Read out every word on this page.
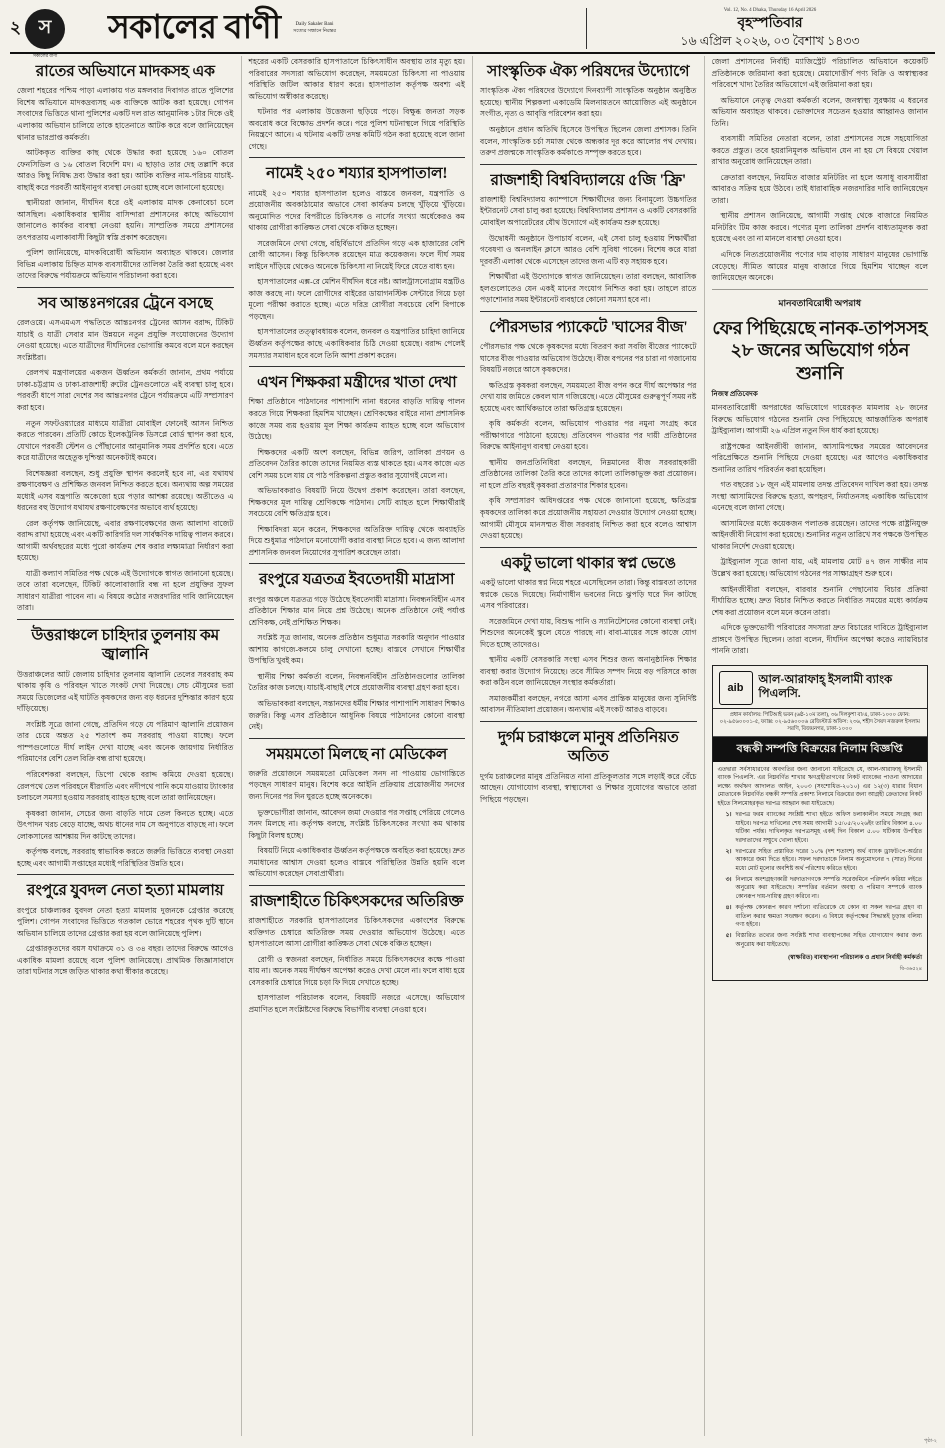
২ স
সকালের বাণী
সকালের বাণী	Daily Sakaler Bani
সত্যের সন্ধানে নিরন্তর
Vol. 12, No. 4 Dhaka, Thursday 16 April 2026
বৃহস্পতিবার
১৬ এপ্রিল ২০২৬, ০৩ বৈশাখ ১৪৩৩
রাতের অভিযানে মাদকসহ এক

জেলা শহরের পশ্চিম পাড়া এলাকায় গত মঙ্গলবার দিবাগত রাতে পুলিশের বিশেষ অভিযানে মাদকদ্রব্যসহ এক ব্যক্তিকে আটক করা হয়েছে। গোপন সংবাদের ভিত্তিতে থানা পুলিশের একটি দল রাত আনুমানিক ১টার দিকে ওই এলাকায় অভিযান চালিয়ে তাকে হাতেনাতে আটক করে বলে জানিয়েছেন থানার ভারপ্রাপ্ত কর্মকর্তা।

আটককৃত ব্যক্তির কাছ থেকে উদ্ধার করা হয়েছে ১৬০ বোতল ফেনসিডিল ও ১৬ বোতল বিদেশি মদ। এ ছাড়াও তার দেহ তল্লাশি করে আরও কিছু নিষিদ্ধ দ্রব্য উদ্ধার করা হয়। আটক ব্যক্তির নাম-পরিচয় যাচাই-বাছাই করে পরবর্তী আইনানুগ ব্যবস্থা নেওয়া হচ্ছে বলে জানানো হয়েছে।

স্থানীয়রা জানান, দীর্ঘদিন ধরে ওই এলাকায় মাদক কেনাবেচা চলে আসছিল। একাধিকবার স্থানীয় বাসিন্দারা প্রশাসনের কাছে অভিযোগ জানালেও কার্যকর ব্যবস্থা নেওয়া হয়নি। সাম্প্রতিক সময়ে প্রশাসনের তৎপরতায় এলাকাবাসী কিছুটা স্বস্তি প্রকাশ করেছেন।

পুলিশ জানিয়েছে, মাদকবিরোধী অভিযান অব্যাহত থাকবে। জেলার বিভিন্ন এলাকায় চিহ্নিত মাদক ব্যবসায়ীদের তালিকা তৈরি করা হয়েছে এবং তাদের বিরুদ্ধে পর্যায়ক্রমে অভিযান পরিচালনা করা হবে।

সব আন্তঃনগরের ট্রেনে বসছে

রেলওয়ে। এসএমএস পদ্ধতিতে আন্তঃনগর ট্রেনের আসন বরাদ্দ, টিকিট যাচাই ও যাত্রী সেবার মান উন্নয়নে নতুন প্রযুক্তি সংযোজনের উদ্যোগ নেওয়া হয়েছে। এতে যাত্রীদের দীর্ঘদিনের ভোগান্তি কমবে বলে মনে করছেন সংশ্লিষ্টরা।

রেলপথ মন্ত্রণালয়ের একজন ঊর্ধ্বতন কর্মকর্তা জানান, প্রথম পর্যায়ে ঢাকা-চট্টগ্রাম ও ঢাকা-রাজশাহী রুটের ট্রেনগুলোতে এই ব্যবস্থা চালু হবে। পরবর্তী ধাপে সারা দেশের সব আন্তঃনগর ট্রেনে পর্যায়ক্রমে এটি সম্প্রসারণ করা হবে।

নতুন সফটওয়্যারের মাধ্যমে যাত্রীরা মোবাইল ফোনেই আসন নিশ্চিত করতে পারবেন। প্রতিটি কোচে ইলেকট্রনিক ডিসপ্লে বোর্ড স্থাপন করা হবে, যেখানে পরবর্তী স্টেশন ও পৌঁছানোর আনুমানিক সময় প্রদর্শিত হবে। এতে করে যাত্রীদের অহেতুক দুশ্চিন্তা অনেকটাই কমবে।

বিশেষজ্ঞরা বলছেন, শুধু প্রযুক্তি স্থাপন করলেই হবে না, এর যথাযথ রক্ষণাবেক্ষণ ও প্রশিক্ষিত জনবল নিশ্চিত করতে হবে। অন্যথায় অল্প সময়ের মধ্যেই এসব যন্ত্রপাতি অকেজো হয়ে পড়ার আশঙ্কা রয়েছে। অতীতেও এ ধরনের বহু উদ্যোগ যথাযথ রক্ষণাবেক্ষণের অভাবে ব্যর্থ হয়েছে।

রেল কর্তৃপক্ষ জানিয়েছে, এবার রক্ষণাবেক্ষণের জন্য আলাদা বাজেট বরাদ্দ রাখা হয়েছে এবং একটি কারিগরি দল সার্বক্ষণিক দায়িত্ব পালন করবে। আগামী অর্থবছরের মধ্যে পুরো কার্যক্রম শেষ করার লক্ষ্যমাত্রা নির্ধারণ করা হয়েছে।

যাত্রী কল্যাণ সমিতির পক্ষ থেকে এই উদ্যোগকে স্বাগত জানানো হয়েছে। তবে তারা বলেছেন, টিকিট কালোবাজারি বন্ধ না হলে প্রযুক্তির সুফল সাধারণ যাত্রীরা পাবেন না। এ বিষয়ে কঠোর নজরদারির দাবি জানিয়েছেন তারা।

উত্তরাঞ্চলে চাহিদার তুলনায় কম জ্বালানি

উত্তরাঞ্চলের আট জেলায় চাহিদার তুলনায় জ্বালানি তেলের সরবরাহ কম থাকায় কৃষি ও পরিবহন খাতে সংকট দেখা দিয়েছে। সেচ মৌসুমের ভরা সময়ে ডিজেলের এই ঘাটতি কৃষকদের জন্য বড় ধরনের দুশ্চিন্তার কারণ হয়ে দাঁড়িয়েছে।

সংশ্লিষ্ট সূত্রে জানা গেছে, প্রতিদিন গড়ে যে পরিমাণ জ্বালানি প্রয়োজন তার চেয়ে অন্তত ২৫ শতাংশ কম সরবরাহ পাওয়া যাচ্ছে। ফলে পাম্পগুলোতে দীর্ঘ লাইন দেখা যাচ্ছে এবং অনেক জায়গায় নির্ধারিত পরিমাণের বেশি তেল বিক্রি বন্ধ রাখা হয়েছে।

পরিবেশকরা বলছেন, ডিপো থেকে বরাদ্দ কমিয়ে দেওয়া হয়েছে। রেলপথে তেল পরিবহনে ধীরগতি এবং নদীপথে পানি কমে যাওয়ায় ট্যাংকার চলাচলে সমস্যা হওয়ায় সরবরাহ ব্যাহত হচ্ছে বলে তারা জানিয়েছেন।

কৃষকরা জানান, সেচের জন্য বাড়তি দামে তেল কিনতে হচ্ছে। এতে উৎপাদন খরচ বেড়ে যাচ্ছে, অথচ ধানের দাম সে অনুপাতে বাড়ছে না। ফলে লোকসানের আশঙ্কায় দিন কাটছে তাদের।

কর্তৃপক্ষ বলছে, সরবরাহ স্বাভাবিক করতে জরুরি ভিত্তিতে ব্যবস্থা নেওয়া হচ্ছে এবং আগামী সপ্তাহের মধ্যেই পরিস্থিতির উন্নতি হবে।

রংপুরে যুবদল নেতা হত্যা মামলায়

রংপুরে চাঞ্চল্যকর যুবদল নেতা হত্যা মামলায় দুজনকে গ্রেপ্তার করেছে পুলিশ। গোপন সংবাদের ভিত্তিতে গতকাল ভোরে শহরের পৃথক দুটি স্থানে অভিযান চালিয়ে তাদের গ্রেপ্তার করা হয় বলে জানিয়েছে পুলিশ।

গ্রেপ্তারকৃতদের বয়স যথাক্রমে ৩১ ও ৩৪ বছর। তাদের বিরুদ্ধে আগেও একাধিক মামলা রয়েছে বলে পুলিশ জানিয়েছে। প্রাথমিক জিজ্ঞাসাবাদে তারা ঘটনার সঙ্গে জড়িত থাকার কথা স্বীকার করেছে।

শহরের একটি বেসরকারি হাসপাতালে চিকিৎসাধীন অবস্থায় তার মৃত্যু হয়। পরিবারের সদস্যরা অভিযোগ করেছেন, সময়মতো চিকিৎসা না পাওয়ায় পরিস্থিতি জটিল আকার ধারণ করে। হাসপাতাল কর্তৃপক্ষ অবশ্য এই অভিযোগ অস্বীকার করেছে।

ঘটনার পর এলাকায় উত্তেজনা ছড়িয়ে পড়ে। বিক্ষুব্ধ জনতা সড়ক অবরোধ করে বিক্ষোভ প্রদর্শন করে। পরে পুলিশ ঘটনাস্থলে গিয়ে পরিস্থিতি নিয়ন্ত্রণে আনে। এ ঘটনায় একটি তদন্ত কমিটি গঠন করা হয়েছে বলে জানা গেছে।

নামেই ২৫০ শয্যার হাসপাতাল!

নামেই ২৫০ শয্যার হাসপাতাল হলেও বাস্তবে জনবল, যন্ত্রপাতি ও প্রয়োজনীয় অবকাঠামোর অভাবে সেবা কার্যক্রম চলছে খুঁড়িয়ে খুঁড়িয়ে। অনুমোদিত পদের বিপরীতে চিকিৎসক ও নার্সের সংখ্যা অর্ধেকেরও কম থাকায় রোগীরা কাঙ্ক্ষিত সেবা থেকে বঞ্চিত হচ্ছেন।

সরেজমিনে দেখা গেছে, বহির্বিভাগে প্রতিদিন গড়ে এক হাজারের বেশি রোগী আসেন। কিন্তু চিকিৎসক রয়েছেন মাত্র কয়েকজন। ফলে দীর্ঘ সময় লাইনে দাঁড়িয়ে থেকেও অনেকে চিকিৎসা না নিয়েই ফিরে যেতে বাধ্য হন।

হাসপাতালের এক্স-রে মেশিন দীর্ঘদিন ধরে নষ্ট। আলট্রাসনোগ্রাম যন্ত্রটিও কাজ করছে না। ফলে রোগীদের বাইরের ডায়াগনস্টিক সেন্টারে গিয়ে চড়া মূল্যে পরীক্ষা করাতে হচ্ছে। এতে দরিদ্র রোগীরা সবচেয়ে বেশি বিপাকে পড়ছেন।

হাসপাতালের তত্ত্বাবধায়ক বলেন, জনবল ও যন্ত্রপাতির চাহিদা জানিয়ে ঊর্ধ্বতন কর্তৃপক্ষের কাছে একাধিকবার চিঠি দেওয়া হয়েছে। বরাদ্দ পেলেই সমস্যার সমাধান হবে বলে তিনি আশা প্রকাশ করেন।

এখন শিক্ষকরা মন্ত্রীদের খাতা দেখা

শিক্ষা প্রতিষ্ঠানে পাঠদানের পাশাপাশি নানা ধরনের বাড়তি দায়িত্ব পালন করতে গিয়ে শিক্ষকরা হিমশিম খাচ্ছেন। শ্রেণিকক্ষের বাইরে নানা প্রশাসনিক কাজে সময় ব্যয় হওয়ায় মূল শিক্ষা কার্যক্রম ব্যাহত হচ্ছে বলে অভিযোগ উঠেছে।

শিক্ষকদের একটি অংশ বলছেন, বিভিন্ন জরিপ, তালিকা প্রণয়ন ও প্রতিবেদন তৈরির কাজে তাদের নিয়মিত ব্যস্ত থাকতে হয়। এসব কাজে এত বেশি সময় চলে যায় যে পাঠ পরিকল্পনা প্রস্তুত করার সুযোগই মেলে না।

অভিভাবকরাও বিষয়টি নিয়ে উদ্বেগ প্রকাশ করেছেন। তারা বলছেন, শিক্ষকদের মূল দায়িত্ব শ্রেণিকক্ষে পাঠদান। সেটি ব্যাহত হলে শিক্ষার্থীরাই সবচেয়ে বেশি ক্ষতিগ্রস্ত হবে।

শিক্ষাবিদরা মনে করেন, শিক্ষকদের অতিরিক্ত দায়িত্ব থেকে অব্যাহতি দিয়ে শুধুমাত্র পাঠদানে মনোযোগী করার ব্যবস্থা নিতে হবে। এ জন্য আলাদা প্রশাসনিক জনবল নিয়োগের সুপারিশ করেছেন তারা।

রংপুরে যত্রতত্র ইবতেদায়ী মাদ্রাসা

রংপুর অঞ্চলে যত্রতত্র গড়ে উঠেছে ইবতেদায়ী মাদ্রাসা। নিবন্ধনবিহীন এসব প্রতিষ্ঠানে শিক্ষার মান নিয়ে প্রশ্ন উঠেছে। অনেক প্রতিষ্ঠানে নেই পর্যাপ্ত শ্রেণিকক্ষ, নেই প্রশিক্ষিত শিক্ষক।

সংশ্লিষ্ট সূত্র জানায়, অনেক প্রতিষ্ঠান শুধুমাত্র সরকারি অনুদান পাওয়ার আশায় কাগজে-কলমে চালু দেখানো হচ্ছে। বাস্তবে সেখানে শিক্ষার্থীর উপস্থিতি খুবই কম।

স্থানীয় শিক্ষা কর্মকর্তা বলেন, নিবন্ধনবিহীন প্রতিষ্ঠানগুলোর তালিকা তৈরির কাজ চলছে। যাচাই-বাছাই শেষে প্রয়োজনীয় ব্যবস্থা গ্রহণ করা হবে।

অভিভাবকরা বলছেন, সন্তানদের ধর্মীয় শিক্ষার পাশাপাশি সাধারণ শিক্ষাও জরুরি। কিন্তু এসব প্রতিষ্ঠানে আধুনিক বিষয়ে পাঠদানের কোনো ব্যবস্থা নেই।

সময়মতো মিলছে না মেডিকেল

জরুরি প্রয়োজনে সময়মতো মেডিকেল সনদ না পাওয়ায় ভোগান্তিতে পড়ছেন সাধারণ মানুষ। বিশেষ করে আইনি প্রক্রিয়ায় প্রয়োজনীয় সনদের জন্য দিনের পর দিন ঘুরতে হচ্ছে অনেককে।

ভুক্তভোগীরা জানান, আবেদন জমা দেওয়ার পর সপ্তাহ পেরিয়ে গেলেও সনদ মিলছে না। কর্তৃপক্ষ বলছে, সংশ্লিষ্ট চিকিৎসকের সংখ্যা কম থাকায় কিছুটা বিলম্ব হচ্ছে।

বিষয়টি নিয়ে একাধিকবার ঊর্ধ্বতন কর্তৃপক্ষকে অবহিত করা হয়েছে। দ্রুত সমাধানের আশ্বাস দেওয়া হলেও বাস্তবে পরিস্থিতির উন্নতি হয়নি বলে অভিযোগ করেছেন সেবাপ্রার্থীরা।

রাজশাহীতে চিকিৎসকদের অতিরিক্ত

রাজশাহীতে সরকারি হাসপাতালের চিকিৎসকদের একাংশের বিরুদ্ধে ব্যক্তিগত চেম্বারে অতিরিক্ত সময় দেওয়ার অভিযোগ উঠেছে। এতে হাসপাতালে আসা রোগীরা কাঙ্ক্ষিত সেবা থেকে বঞ্চিত হচ্ছেন।

রোগী ও স্বজনরা বলছেন, নির্ধারিত সময়ে চিকিৎসকদের কক্ষে পাওয়া যায় না। অনেক সময় দীর্ঘক্ষণ অপেক্ষা করেও দেখা মেলে না। ফলে বাধ্য হয়ে বেসরকারি চেম্বারে গিয়ে চড়া ফি দিয়ে দেখাতে হচ্ছে।

হাসপাতাল পরিচালক বলেন, বিষয়টি নজরে এসেছে। অভিযোগ প্রমাণিত হলে সংশ্লিষ্টদের বিরুদ্ধে বিভাগীয় ব্যবস্থা নেওয়া হবে।

সাংস্কৃতিক ঐক্য পরিষদের উদ্যোগে

সাংস্কৃতিক ঐক্য পরিষদের উদ্যোগে দিনব্যাপী সাংস্কৃতিক অনুষ্ঠান অনুষ্ঠিত হয়েছে। স্থানীয় শিল্পকলা একাডেমি মিলনায়তনে আয়োজিত এই অনুষ্ঠানে সংগীত, নৃত্য ও আবৃত্তি পরিবেশন করা হয়।

অনুষ্ঠানে প্রধান অতিথি হিসেবে উপস্থিত ছিলেন জেলা প্রশাসক। তিনি বলেন, সাংস্কৃতিক চর্চা সমাজ থেকে অন্ধকার দূর করে আলোর পথ দেখায়। তরুণ প্রজন্মকে সাংস্কৃতিক কর্মকাণ্ডে সম্পৃক্ত করতে হবে।

রাজশাহী বিশ্ববিদ্যালয়ে ৫জি 'ফ্রি'

রাজশাহী বিশ্ববিদ্যালয় ক্যাম্পাসে শিক্ষার্থীদের জন্য বিনামূল্যে উচ্চগতির ইন্টারনেট সেবা চালু করা হয়েছে। বিশ্ববিদ্যালয় প্রশাসন ও একটি বেসরকারি মোবাইল অপারেটরের যৌথ উদ্যোগে এই কার্যক্রম শুরু হয়েছে।

উদ্বোধনী অনুষ্ঠানে উপাচার্য বলেন, এই সেবা চালু হওয়ায় শিক্ষার্থীরা গবেষণা ও অনলাইন ক্লাসে আরও বেশি সুবিধা পাবেন। বিশেষ করে যারা দূরবর্তী এলাকা থেকে এসেছেন তাদের জন্য এটি বড় সহায়ক হবে।

শিক্ষার্থীরা এই উদ্যোগকে স্বাগত জানিয়েছেন। তারা বলছেন, আবাসিক হলগুলোতেও যেন একই মানের সংযোগ নিশ্চিত করা হয়। তাহলে রাতে পড়াশোনার সময় ইন্টারনেট ব্যবহারে কোনো সমস্যা হবে না।

পৌরসভার প্যাকেটে 'ঘাসের বীজ'

পৌরসভার পক্ষ থেকে কৃষকদের মধ্যে বিতরণ করা সবজি বীজের প্যাকেটে ঘাসের বীজ পাওয়ার অভিযোগ উঠেছে। বীজ বপনের পর চারা না গজানোয় বিষয়টি নজরে আসে কৃষকদের।

ক্ষতিগ্রস্ত কৃষকরা বলছেন, সময়মতো বীজ বপন করে দীর্ঘ অপেক্ষার পর দেখা যায় জমিতে কেবল ঘাস গজিয়েছে। এতে মৌসুমের গুরুত্বপূর্ণ সময় নষ্ট হয়েছে এবং আর্থিকভাবে তারা ক্ষতিগ্রস্ত হয়েছেন।

কৃষি কর্মকর্তা বলেন, অভিযোগ পাওয়ার পর নমুনা সংগ্রহ করে পরীক্ষাগারে পাঠানো হয়েছে। প্রতিবেদন পাওয়ার পর দায়ী প্রতিষ্ঠানের বিরুদ্ধে আইনানুগ ব্যবস্থা নেওয়া হবে।

স্থানীয় জনপ্রতিনিধিরা বলছেন, নিম্নমানের বীজ সরবরাহকারী প্রতিষ্ঠানের তালিকা তৈরি করে তাদের কালো তালিকাভুক্ত করা প্রয়োজন। না হলে প্রতি বছরই কৃষকরা প্রতারণার শিকার হবেন।

কৃষি সম্প্রসারণ অধিদপ্তরের পক্ষ থেকে জানানো হয়েছে, ক্ষতিগ্রস্ত কৃষকদের তালিকা করে প্রয়োজনীয় সহায়তা দেওয়ার উদ্যোগ নেওয়া হচ্ছে। আগামী মৌসুমে মানসম্মত বীজ সরবরাহ নিশ্চিত করা হবে বলেও আশ্বাস দেওয়া হয়েছে।

একটু ভালো থাকার স্বপ্ন ভেঙে

একটু ভালো থাকার স্বপ্ন নিয়ে শহরে এসেছিলেন তারা। কিন্তু বাস্তবতা তাদের স্বপ্নকে ভেঙে দিয়েছে। নির্মাণাধীন ভবনের নিচে ঝুপড়ি ঘরে দিন কাটছে এসব পরিবারের।

সরেজমিনে দেখা যায়, বিশুদ্ধ পানি ও স্যানিটেশনের কোনো ব্যবস্থা নেই। শিশুদের অনেকেই স্কুলে যেতে পারছে না। বাবা-মায়ের সঙ্গে কাজে যোগ দিতে হচ্ছে তাদেরও।

স্থানীয় একটি বেসরকারি সংস্থা এসব শিশুর জন্য অনানুষ্ঠানিক শিক্ষার ব্যবস্থা করার উদ্যোগ নিয়েছে। তবে সীমিত সম্পদ নিয়ে বড় পরিসরে কাজ করা কঠিন বলে জানিয়েছেন সংস্থার কর্মকর্তারা।

সমাজকর্মীরা বলছেন, নগরে আসা এসব প্রান্তিক মানুষের জন্য সুনির্দিষ্ট আবাসন নীতিমালা প্রয়োজন। অন্যথায় এই সংকট আরও বাড়বে।

দুর্গম চরাঞ্চলে মানুষ প্রতিনিয়ত অতিত

দুর্গম চরাঞ্চলের মানুষ প্রতিনিয়ত নানা প্রতিকূলতার সঙ্গে লড়াই করে বেঁচে আছেন। যোগাযোগ ব্যবস্থা, স্বাস্থ্যসেবা ও শিক্ষার সুযোগের অভাবে তারা পিছিয়ে পড়ছেন।

জেলা প্রশাসনের নির্বাহী ম্যাজিস্ট্রেট পরিচালিত অভিযানে কয়েকটি প্রতিষ্ঠানকে জরিমানা করা হয়েছে। মেয়াদোত্তীর্ণ পণ্য বিক্রি ও অস্বাস্থ্যকর পরিবেশে খাদ্য তৈরির অভিযোগে এই জরিমানা করা হয়।

অভিযানে নেতৃত্ব দেওয়া কর্মকর্তা বলেন, জনস্বাস্থ্য সুরক্ষায় এ ধরনের অভিযান অব্যাহত থাকবে। ভোক্তাদের সচেতন হওয়ার আহ্বানও জানান তিনি।

ব্যবসায়ী সমিতির নেতারা বলেন, তারা প্রশাসনের সঙ্গে সহযোগিতা করতে প্রস্তুত। তবে হয়রানিমূলক অভিযান যেন না হয় সে বিষয়ে খেয়াল রাখার অনুরোধ জানিয়েছেন তারা।

ক্রেতারা বলছেন, নিয়মিত বাজার মনিটরিং না হলে অসাধু ব্যবসায়ীরা আবারও সক্রিয় হয়ে উঠবে। তাই ধারাবাহিক নজরদারির দাবি জানিয়েছেন তারা।

স্থানীয় প্রশাসন জানিয়েছে, আগামী সপ্তাহ থেকে বাজারে নিয়মিত মনিটরিং টিম কাজ করবে। পণ্যের মূল্য তালিকা প্রদর্শন বাধ্যতামূলক করা হয়েছে এবং তা না মানলে ব্যবস্থা নেওয়া হবে।

এদিকে নিত্যপ্রয়োজনীয় পণ্যের দাম বাড়ায় সাধারণ মানুষের ভোগান্তি বেড়েছে। সীমিত আয়ের মানুষ বাজারে গিয়ে হিমশিম খাচ্ছেন বলে জানিয়েছেন অনেকে।

মানবতাবিরোধী অপরাধ
ফের পিছিয়েছে নানক-তাপসসহ ২৮ জনের অভিযোগ গঠন শুনানি
নিজস্ব প্রতিবেদক

মানবতাবিরোধী অপরাধের অভিযোগে দায়েরকৃত মামলায় ২৮ জনের বিরুদ্ধে অভিযোগ গঠনের শুনানি ফের পিছিয়েছে আন্তর্জাতিক অপরাধ ট্রাইব্যুনাল। আগামী ২৬ এপ্রিল নতুন দিন ধার্য করা হয়েছে।

রাষ্ট্রপক্ষের আইনজীবী জানান, আসামিপক্ষের সময়ের আবেদনের পরিপ্রেক্ষিতে শুনানি পিছিয়ে দেওয়া হয়েছে। এর আগেও একাধিকবার শুনানির তারিখ পরিবর্তন করা হয়েছিল।

গত বছরের ১৮ জুন এই মামলায় তদন্ত প্রতিবেদন দাখিল করা হয়। তদন্ত সংস্থা আসামিদের বিরুদ্ধে হত্যা, অপহরণ, নির্যাতনসহ একাধিক অভিযোগ এনেছে বলে জানা গেছে।

আসামিদের মধ্যে কয়েকজন পলাতক রয়েছেন। তাদের পক্ষে রাষ্ট্রনিযুক্ত আইনজীবী নিয়োগ করা হয়েছে। শুনানির নতুন তারিখে সব পক্ষকে উপস্থিত থাকার নির্দেশ দেওয়া হয়েছে।

ট্রাইব্যুনাল সূত্রে জানা যায়, এই মামলায় মোট ৪৭ জন সাক্ষীর নাম উল্লেখ করা হয়েছে। অভিযোগ গঠনের পর সাক্ষ্যগ্রহণ শুরু হবে।

আইনজীবীরা বলছেন, বারবার শুনানি পেছানোয় বিচার প্রক্রিয়া দীর্ঘায়িত হচ্ছে। দ্রুত বিচার নিশ্চিত করতে নির্ধারিত সময়ের মধ্যে কার্যক্রম শেষ করা প্রয়োজন বলে মনে করেন তারা।

এদিকে ভুক্তভোগী পরিবারের সদস্যরা দ্রুত বিচারের দাবিতে ট্রাইব্যুনাল প্রাঙ্গণে উপস্থিত ছিলেন। তারা বলেন, দীর্ঘদিন অপেক্ষা করেও ন্যায়বিচার পাননি তারা।

aib
আল-আরাফাহ্ ইসলামী ব্যাংক পিএলসি.
প্রধান কার্যালয়: পিটিআই ভবন (৬ষ্ঠ-১০ম তলা), ৩৬ দিলকুশা বা/এ, ঢাকা-১০০০ ফোন: ০২-৯৫৬০০০১-৫, ফ্যাক্স: ০২-৯৫৬০০০৬ রেজিস্টার্ড অফিস: ২৩৬, শহীদ সৈয়দ নজরুল ইসলাম সরণি, বিজয়নগর, ঢাকা-১০০০
বন্ধকী সম্পত্তি বিক্রয়ের নিলাম বিজ্ঞপ্তি

এতদ্বারা সর্বসাধারণের অবগতির জন্য জানানো যাইতেছে যে, আল-আরাফাহ্ ইসলামী ব্যাংক পিএলসি. এর নিম্নবর্ণিত শাখার ঋণগ্রহীতাগণের নিকট ব্যাংকের পাওনা আদায়ের লক্ষ্যে অর্থঋণ আদালত আইন, ২০০৩ (সংশোধিত-২০১০) এর ১২(৩) ধারার বিধান মোতাবেক নিম্নবর্ণিত বন্ধকী সম্পত্তি প্রকাশ্য নিলামে বিক্রয়ের জন্য আগ্রহী ক্রেতাদের নিকট হইতে সিলমোহরকৃত দরপত্র আহ্বান করা যাইতেছে।

১। দরপত্র ফরম ব্যাংকের সংশ্লিষ্ট শাখা হইতে অফিস চলাকালীন সময়ে সংগ্রহ করা যাইবে। দরপত্র দাখিলের শেষ সময় আগামী ১৫/০৫/২০২৬ইং তারিখ বিকাল ৪.০০ ঘটিকা পর্যন্ত। দাখিলকৃত দরপত্রসমূহ একই দিন বিকাল ৫.০০ ঘটিকায় উপস্থিত দরদাতাদের সম্মুখে খোলা হইবে।
২। দরপত্রের সহিত প্রস্তাবিত দরের ১০% (দশ শতাংশ) অর্থ ব্যাংক ড্রাফট/পে-অর্ডার আকারে জমা দিতে হইবে। সফল দরদাতাকে নিলাম অনুমোদনের ৭ (সাত) দিনের মধ্যে মোট মূল্যের অবশিষ্ট অর্থ পরিশোধ করিতে হইবে।
৩। নিলামে অংশগ্রহণকারী দরদাতাগণকে সম্পত্তি সরেজমিনে পরিদর্শন করিয়া লইতে অনুরোধ করা যাইতেছে। সম্পত্তির বর্তমান অবস্থা ও পরিমাণ সম্পর্কে ব্যাংক কোনরূপ দায়-দায়িত্ব গ্রহণ করিবে না।
৪। কর্তৃপক্ষ কোনরূপ কারণ দর্শানো ব্যতিরেকে যে কোন বা সকল দরপত্র গ্রহণ বা বাতিল করার ক্ষমতা সংরক্ষণ করেন। এ বিষয়ে কর্তৃপক্ষের সিদ্ধান্তই চূড়ান্ত বলিয়া গণ্য হইবে।
৫। বিস্তারিত তথ্যের জন্য সংশ্লিষ্ট শাখা ব্যবস্থাপকের সহিত যোগাযোগ করার জন্য অনুরোধ করা যাইতেছে।
(স্বাক্ষরিত) ব্যবস্থাপনা পরিচালক ও প্রধান নির্বাহী কর্মকর্তা
বি-৩৬৫২৪
পৃষ্ঠা-২
